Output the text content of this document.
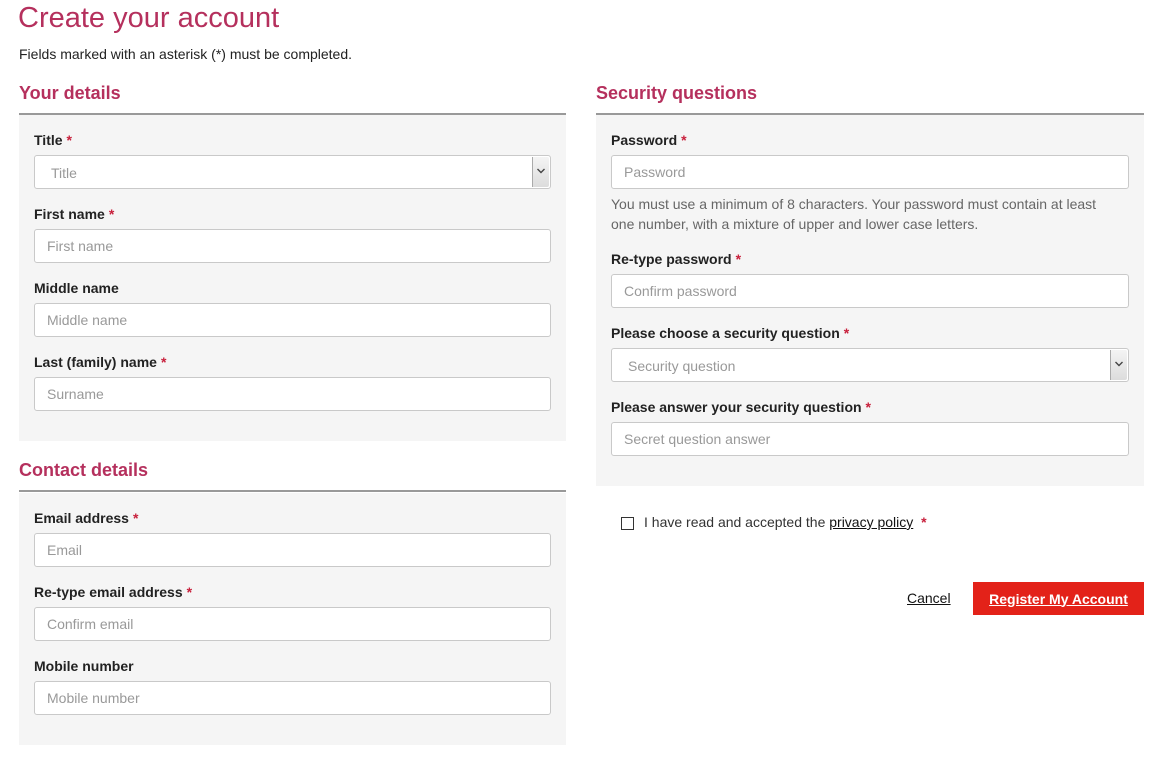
Create your account

Fields marked with an asterisk (*) must be completed.

Your details
Title *
Title
First name *
First name
Middle name
Middle name
Last (family) name *
Surname
Contact details
Email address *
Email
Re-type email address *
Confirm email
Mobile number
Mobile number
Security questions
Password *
You must use a minimum of 8 characters. Your password must contain at least
one number, with a mixture of upper and lower case letters.
Re-type password *
Please choose a security question *
Security question
Please answer your security question *
Secret question answer
I have read and accepted the privacy policy *
Cancel	Register My Account
